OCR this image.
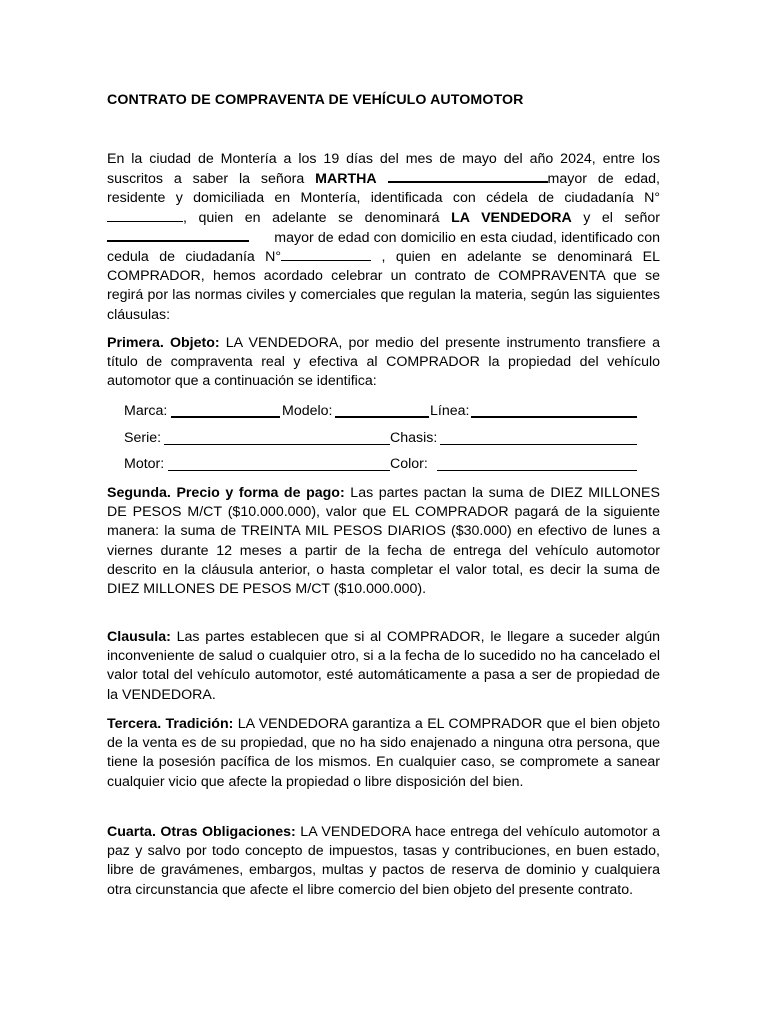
CONTRATO DE COMPRAVENTA DE VEHÍCULO AUTOMOTOR
En la ciudad de Montería a los 19 días del mes de mayo del año 2024, entre los suscritos a saber la señora MARTHA	mayor de edad, residente y domiciliada en Montería, identificada con cédela de ciudadanía N° , quien en adelante se denominará LA VENDEDORA y el señor       mayor de edad con domicilio en esta ciudad, identificado con cedula de ciudadanía N°	, quien en adelante se denominará EL COMPRADOR, hemos acordado celebrar un contrato de COMPRAVENTA que se regirá por las normas civiles y comerciales que regulan la materia, según las siguientes cláusulas:
Primera. Objeto: LA VENDEDORA, por medio del presente instrumento transfiere a título de compraventa real y efectiva al COMPRADOR la propiedad del vehículo automotor que a continuación se identifica:
Marca:	Modelo:	Línea:
Serie:	Chasis:
Motor:	Color:
Segunda. Precio y forma de pago: Las partes pactan la suma de DIEZ MILLONES DE PESOS M/CT ($10.000.000), valor que EL COMPRADOR pagará de la siguiente manera: la suma de TREINTA MIL PESOS DIARIOS ($30.000) en efectivo de lunes a viernes durante 12 meses a partir de la fecha de entrega del vehículo automotor descrito en la cláusula anterior, o hasta completar el valor total, es decir la suma de DIEZ MILLONES DE PESOS M/CT ($10.000.000).
Clausula: Las partes establecen que si al COMPRADOR, le llegare a suceder algún inconveniente de salud o cualquier otro, si a la fecha de lo sucedido no ha cancelado el valor total del vehículo automotor, esté automáticamente a pasa a ser de propiedad de la VENDEDORA.
Tercera. Tradición: LA VENDEDORA garantiza a EL COMPRADOR que el bien objeto de la venta es de su propiedad, que no ha sido enajenado a ninguna otra persona, que tiene la posesión pacífica de los mismos. En cualquier caso, se compromete a sanear cualquier vicio que afecte la propiedad o libre disposición del bien.
Cuarta. Otras Obligaciones: LA VENDEDORA hace entrega del vehículo automotor a paz y salvo por todo concepto de impuestos, tasas y contribuciones, en buen estado, libre de gravámenes, embargos, multas y pactos de reserva de dominio y cualquiera otra circunstancia que afecte el libre comercio del bien objeto del presente contrato.
